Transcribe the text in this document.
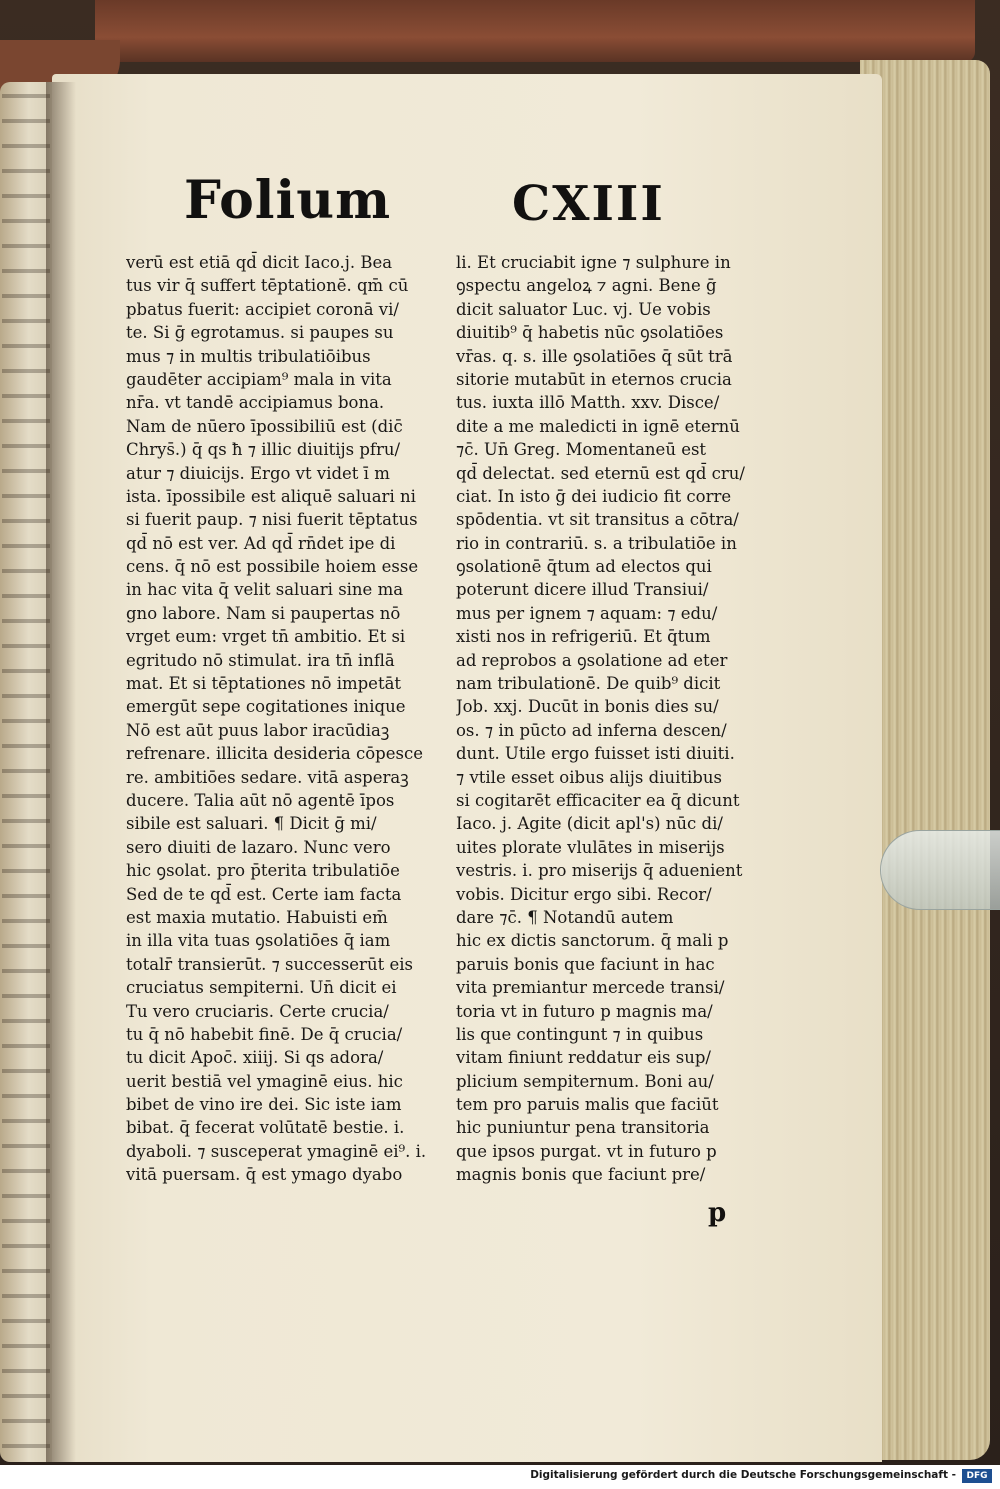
Folium	CXIII
verū est etiā qd̄ dicit Iaco.j. Bea
tus vir q̄ suffert tēptationē. qm̄ cū
pbatus fuerit: accipiet coronā vi/
te. Si ḡ egrotamus. si paupes su
mus ⁊ in multis tribulatiōibus
gaudēter accipiam⁹ mala in vita
nr̄a. vt tandē accipiamus bona.
Nam de nūero īpossibiliū est (dic̄
Chrys̄.) q̄ qs ħ ⁊ illic diuitijs pfru/
atur ⁊ diuicijs. Ergo vt videt ī m
ista. īpossibile est aliquē saluari ni
si fuerit paup. ⁊ nisi fuerit tēptatus
qd̄ nō est ver. Ad qd̄ rn̄det ipe di
cens. q̄ nō est possibile hoiem esse
in hac vita q̄ velit saluari sine ma
gno labore. Nam si paupertas nō
vrget eum: vrget tn̄ ambitio. Et si
egritudo nō stimulat. ira tn̄ inflā
mat. Et si tēptationes nō impetāt
emergūt sepe cogitationes inique
Nō est aūt puus labor iracūdiaꝫ
refrenare. illicita desideria cōpesce
re. ambitiōes sedare. vitā asperaꝫ
ducere. Talia aūt nō agentē īpos
sibile est saluari. ¶ Dicit ḡ mi/
sero diuiti de lazaro. Nunc vero
hic ꝯsolat. pro p̄terita tribulatiōe
Sed de te qd̄ est. Certe iam facta
est maxia mutatio. Habuisti em̄
in illa vita tuas ꝯsolatiōes q̄ iam
totalr̄ transierūt. ⁊ successerūt eis
cruciatus sempiterni. Un̄ dicit ei
Tu vero cruciaris. Certe crucia/
tu q̄ nō habebit finē. De q̄ crucia/
tu dicit Apoc̄. xiiij. Si qs adora/
uerit bestiā vel ymaginē eius. hic
bibet de vino ire dei. Sic iste iam
bibat. q̄ fecerat volūtatē bestie. i.
dyaboli. ⁊ susceperat ymaginē ei⁹. i.
vitā puersam. q̄ est ymago dyabo
li. Et cruciabit igne ⁊ sulphure in
ꝯspectu angeloꝝ ⁊ agni. Bene ḡ
dicit saluator Luc. vj. Ue vobis
diuitib⁹ q̄ habetis nūc ꝯsolatiōes
vr̄as. q. s. ille ꝯsolatiōes q̄ sūt trā
sitorie mutabūt in eternos crucia
tus. iuxta illō Matth. xxv. Disce/
dite a me maledicti in ignē eternū
⁊c̄. Un̄ Greg. Momentaneū est
qd̄ delectat. sed eternū est qd̄ cru/
ciat. In isto ḡ dei iudicio fit corre
spōdentia. vt sit transitus a cōtra/
rio in contrariū. s. a tribulatiōe in
ꝯsolationē q̄tum ad electos qui
poterunt dicere illud Transiui/
mus per ignem ⁊ aquam: ⁊ edu/
xisti nos in refrigeriū. Et q̄tum
ad reprobos a ꝯsolatione ad eter
nam tribulationē. De quib⁹ dicit
Job. xxj. Ducūt in bonis dies su/
os. ⁊ in pūcto ad inferna descen/
dunt. Utile ergo fuisset isti diuiti.
⁊ vtile esset oibus alijs diuitibus
si cogitarēt efficaciter ea q̄ dicunt
Iaco. j. Agite (dicit apl's) nūc di/
uites plorate vlulātes in miserijs
vestris. i. pro miserijs q̄ aduenient
vobis. Dicitur ergo sibi. Recor/
dare ⁊c̄. ¶ Notandū autem
hic ex dictis sanctorum. q̄ mali p
paruis bonis que faciunt in hac
vita premiantur mercede transi/
toria vt in futuro p magnis ma/
lis que contingunt ⁊ in quibus
vitam finiunt reddatur eis sup/
plicium sempiternum. Boni au/
tem pro paruis malis que faciūt
hic puniuntur pena transitoria
que ipsos purgat. vt in futuro p
magnis bonis que faciunt pre/
p
Digitalisierung gefördert durch die Deutsche Forschungsgemeinschaft -	DFG
